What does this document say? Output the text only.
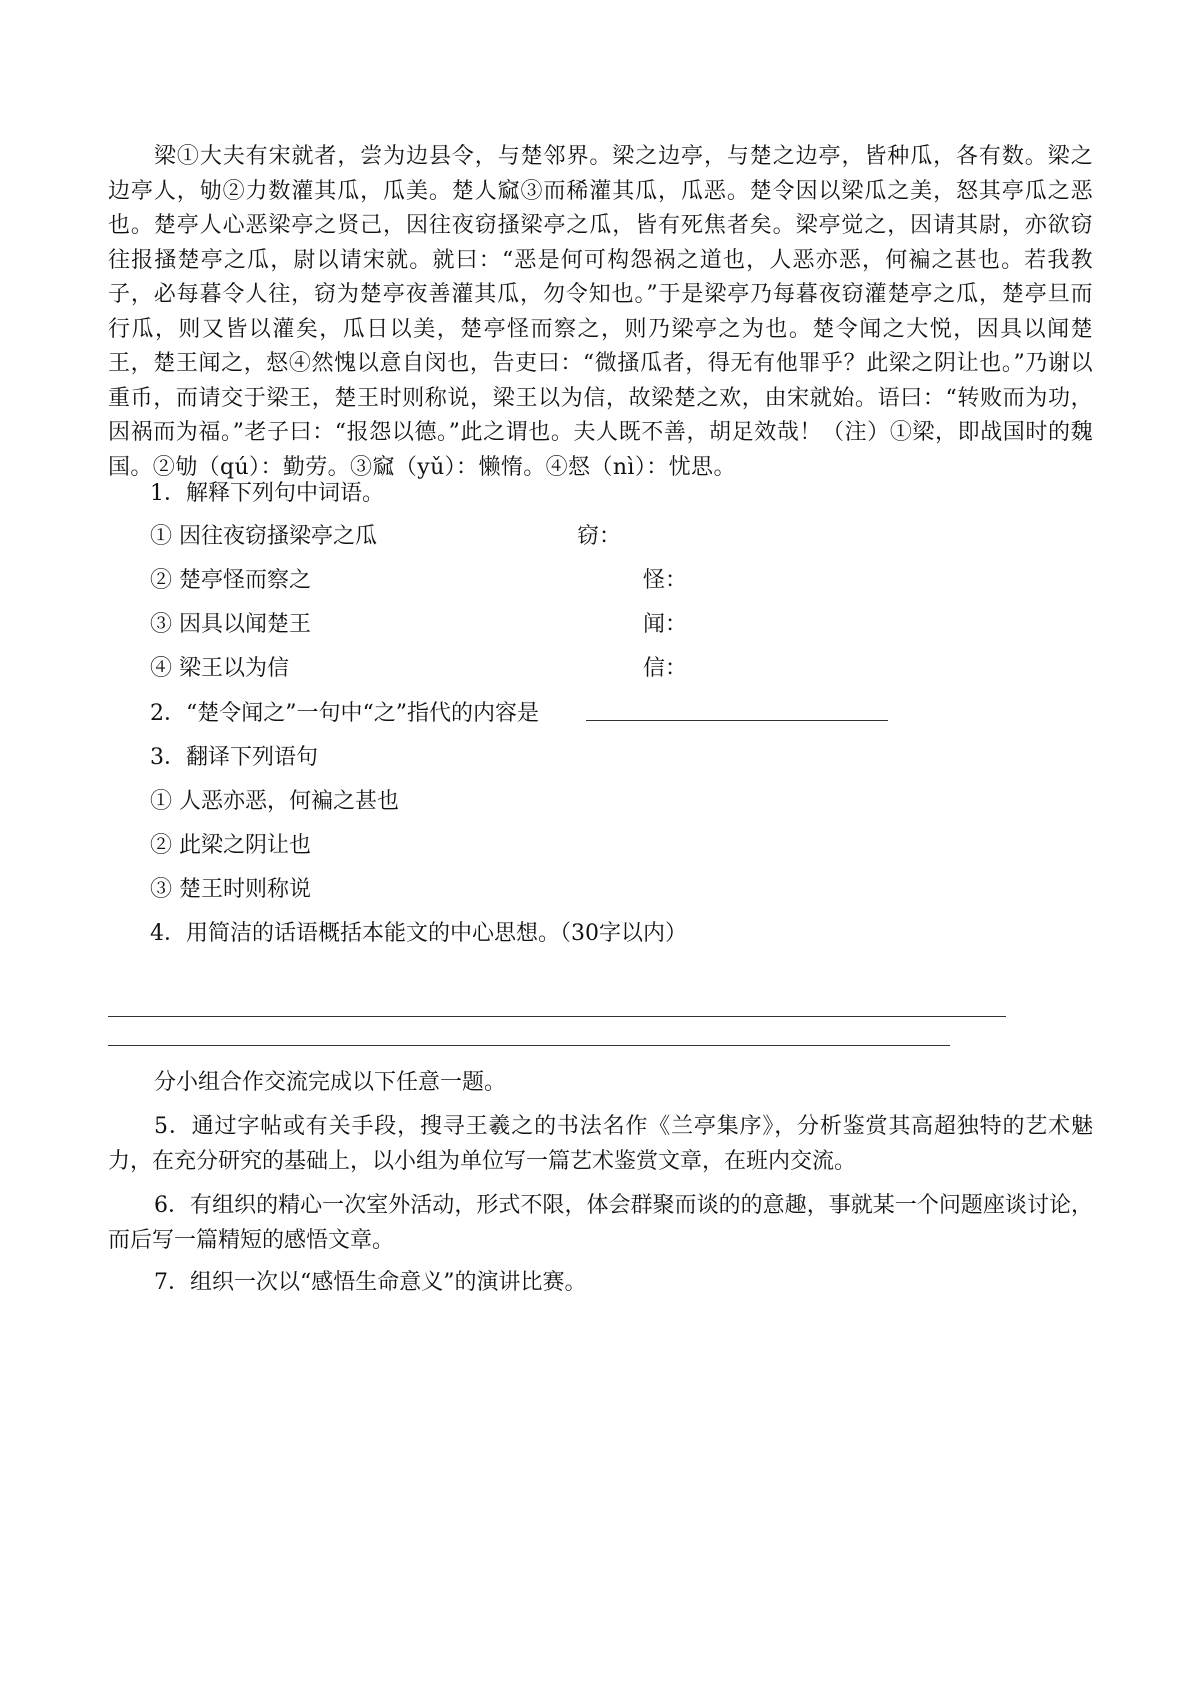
梁①大夫有宋就者，尝为边县令，与楚邻界。梁之边亭，与楚之边亭，皆种瓜，各有数。梁之边亭人，劬②力数灌其瓜，瓜美。楚人窳③而稀灌其瓜，瓜恶。楚令因以梁瓜之美，怒其亭瓜之恶也。楚亭人心恶梁亭之贤己，因往夜窃搔梁亭之瓜，皆有死焦者矣。梁亭觉之，因请其尉，亦欲窃往报搔楚亭之瓜，尉以请宋就。就曰：“恶是何可构怨祸之道也，人恶亦恶，何褊之甚也。若我教子，必每暮令人往，窃为楚亭夜善灌其瓜，勿令知也。”于是梁亭乃每暮夜窃灌楚亭之瓜，楚亭旦而行瓜，则又皆以灌矣，瓜日以美，楚亭怪而察之，则乃梁亭之为也。楚令闻之大悦，因具以闻楚王，楚王闻之，惄④然愧以意自闵也，告吏曰：“微搔瓜者，得无有他罪乎？此梁之阴让也。”乃谢以重币，而请交于梁王，楚王时则称说，梁王以为信，故梁楚之欢，由宋就始。语曰：“转败而为功，因祸而为福。”老子曰：“报怨以德。”此之谓也。夫人既不善，胡足效哉！（注）①梁，即战国时的魏国。②劬（qú）：勤劳。③窳（yǔ）：懒惰。④惄（nì）：忧思。

1．解释下列句中词语。

① 因往夜窃搔梁亭之瓜	窃：

② 楚亭怪而察之	怪：

③ 因具以闻楚王	闻：

④ 梁王以为信	信：

2．“楚令闻之”一句中“之”指代的内容是

3．翻译下列语句

① 人恶亦恶，何褊之甚也

② 此梁之阴让也

③ 楚王时则称说

4．用简洁的话语概括本能文的中心思想。（30字以内）

分小组合作交流完成以下任意一题。

5．通过字帖或有关手段，搜寻王羲之的书法名作《兰亭集序》，分析鉴赏其高超独特的艺术魅力，在充分研究的基础上，以小组为单位写一篇艺术鉴赏文章，在班内交流。

6．有组织的精心一次室外活动，形式不限，体会群聚而谈的的意趣，事就某一个问题座谈讨论，而后写一篇精短的感悟文章。

7．组织一次以“感悟生命意义”的演讲比赛。
